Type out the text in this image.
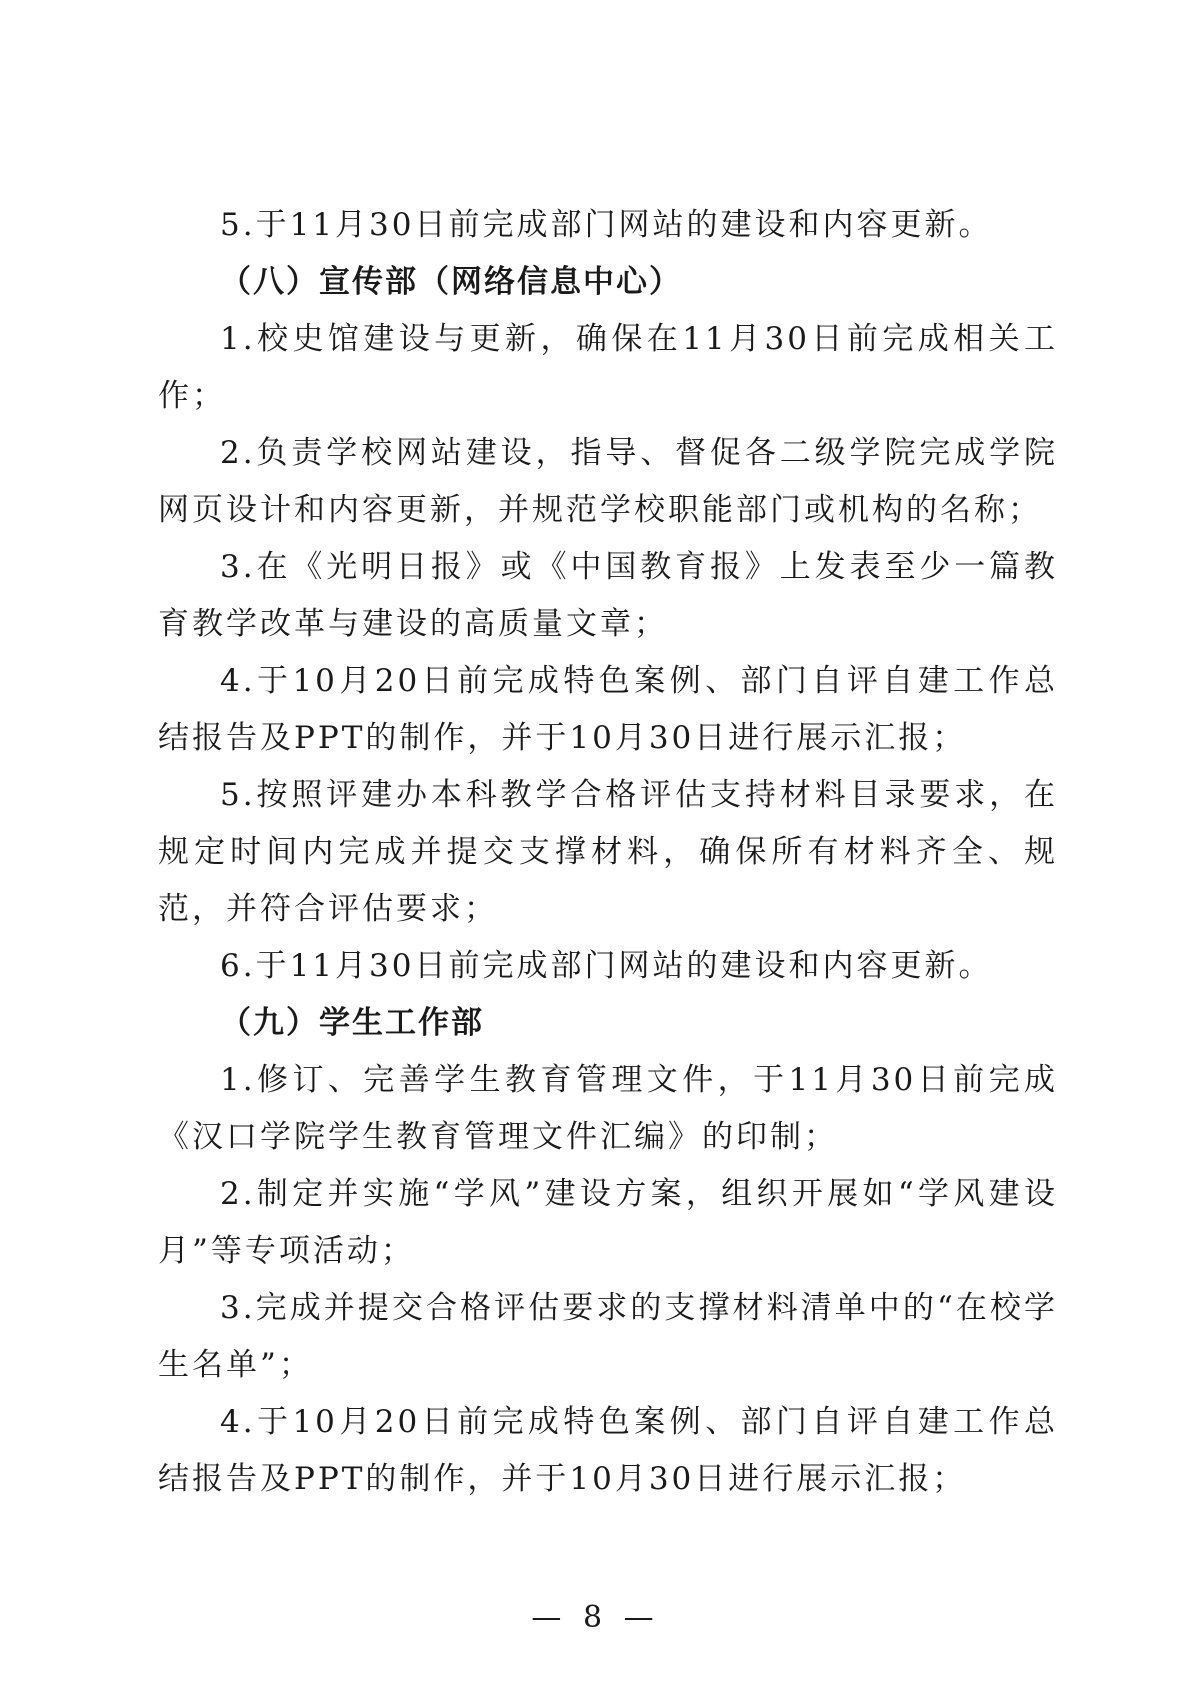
5.于11月30日前完成部门网站的建设和内容更新。

（八）宣传部（网络信息中心）

1.校史馆建设与更新，确保在11月30日前完成相关工作；

2.负责学校网站建设，指导、督促各二级学院完成学院网页设计和内容更新，并规范学校职能部门或机构的名称；

3.在《光明日报》或《中国教育报》上发表至少一篇教育教学改革与建设的高质量文章；

4.于10月20日前完成特色案例、部门自评自建工作总结报告及PPT的制作，并于10月30日进行展示汇报；

5.按照评建办本科教学合格评估支持材料目录要求，在规定时间内完成并提交支撑材料，确保所有材料齐全、规范，并符合评估要求；

6.于11月30日前完成部门网站的建设和内容更新。

（九）学生工作部

1.修订、完善学生教育管理文件，于11月30日前完成《汉口学院学生教育管理文件汇编》的印制；

2.制定并实施“学风”建设方案，组织开展如“学风建设月”等专项活动；

3.完成并提交合格评估要求的支撑材料清单中的“在校学生名单”；

4.于10月20日前完成特色案例、部门自评自建工作总结报告及PPT的制作，并于10月30日进行展示汇报；

— 8 —
